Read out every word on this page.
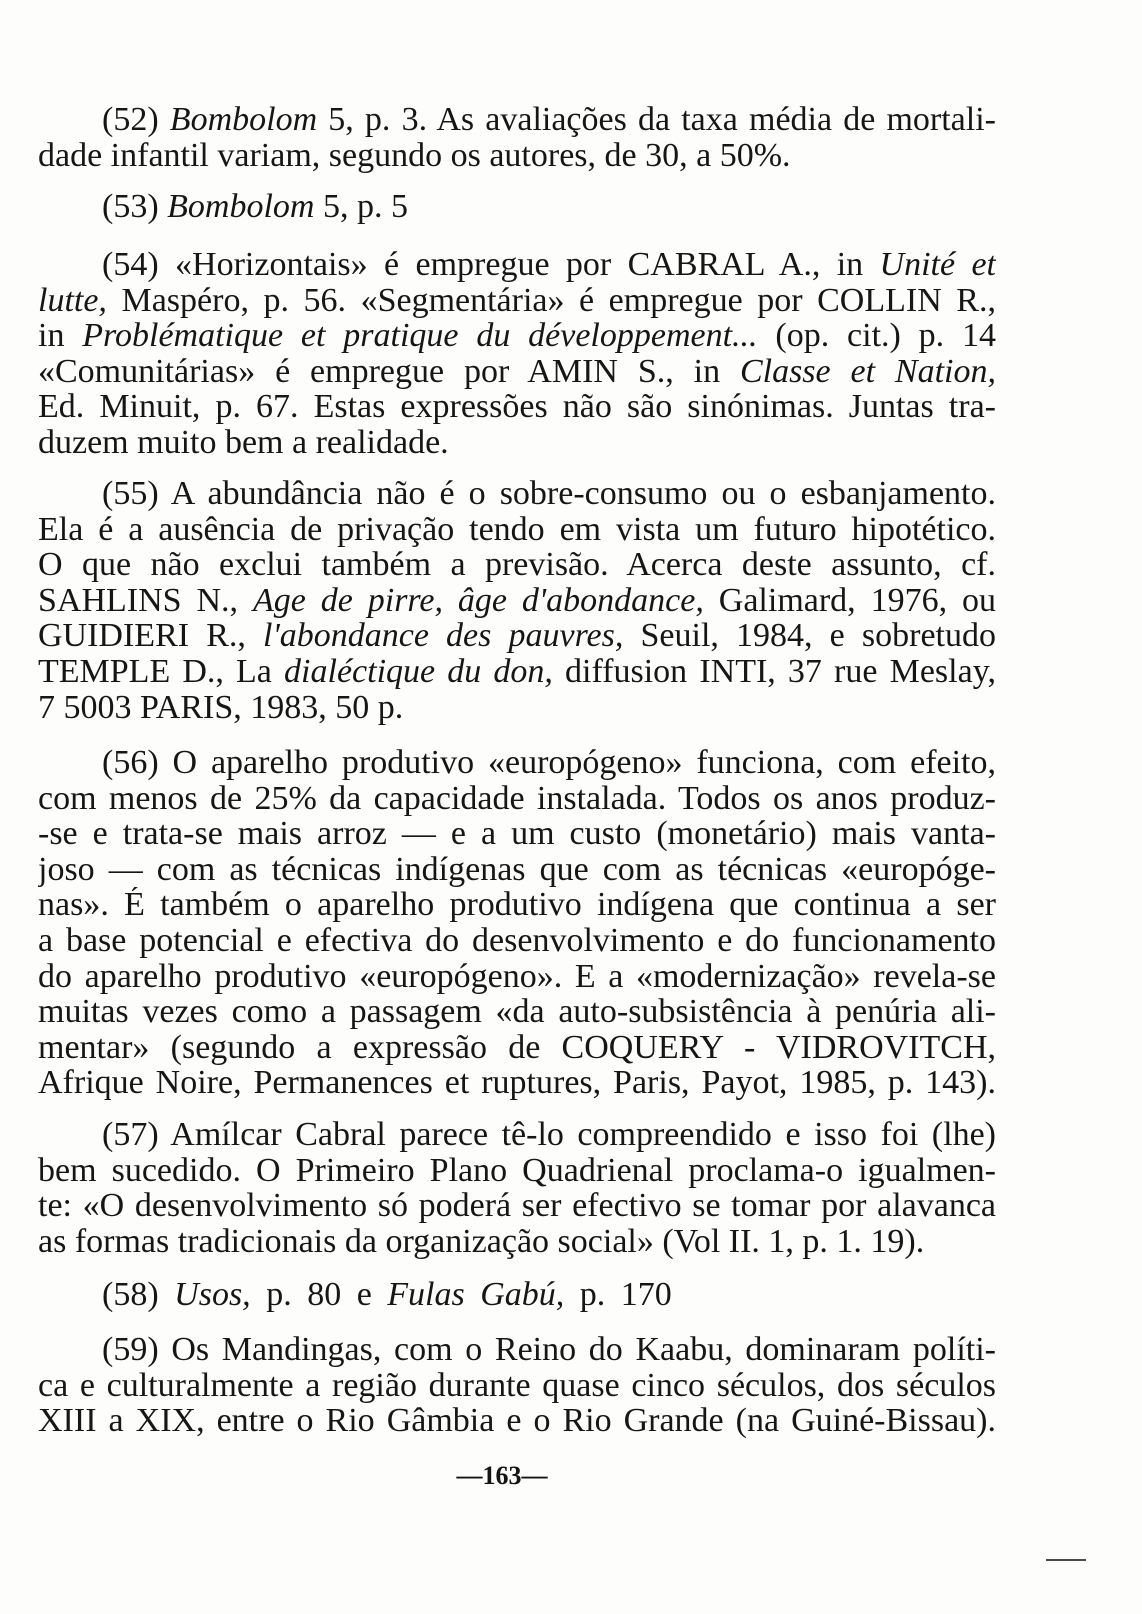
(52) Bombolom 5, p. 3. As avaliações da taxa média de mortali-
dade infantil variam, segundo os autores, de 30, a 50%.
(53) Bombolom 5, p. 5
(54) «Horizontais» é empregue por CABRAL A., in Unité et
lutte, Maspéro, p. 56. «Segmentária» é empregue por COLLIN R.,
in Problématique et pratique du développement... (op. cit.) p. 14
«Comunitárias» é empregue por AMIN S., in Classe et Nation,
Ed. Minuit, p. 67. Estas expressões não são sinónimas. Juntas tra-
duzem muito bem a realidade.
(55) A abundância não é o sobre-consumo ou o esbanjamento.
Ela é a ausência de privação tendo em vista um futuro hipotético.
O que não exclui também a previsão. Acerca deste assunto, cf.
SAHLINS N., Age de pirre, âge d'abondance, Galimard, 1976, ou
GUIDIERI R., l'abondance des pauvres, Seuil, 1984, e sobretudo
TEMPLE D., La dialéctique du don, diffusion INTI, 37 rue Meslay,
7 5003 PARIS, 1983, 50 p.
(56) O aparelho produtivo «europógeno» funciona, com efeito,
com menos de 25% da capacidade instalada. Todos os anos produz-
-se e trata-se mais arroz — e a um custo (monetário) mais vanta-
joso — com as técnicas indígenas que com as técnicas «europóge-
nas». É também o aparelho produtivo indígena que continua a ser
a base potencial e efectiva do desenvolvimento e do funcionamento
do aparelho produtivo «europógeno». E a «modernização» revela-se
muitas vezes como a passagem «da auto-subsistência à penúria ali-
mentar» (segundo a expressão de COQUERY - VIDROVITCH,
Afrique Noire, Permanences et ruptures, Paris, Payot, 1985, p. 143).
(57) Amílcar Cabral parece tê-lo compreendido e isso foi (lhe)
bem sucedido. O Primeiro Plano Quadrienal proclama-o igualmen-
te: «O desenvolvimento só poderá ser efectivo se tomar por alavanca
as formas tradicionais da organização social» (Vol II. 1, p. 1. 19).
(58) Usos, p. 80 e Fulas Gabú, p. 170
(59) Os Mandingas, com o Reino do Kaabu, dominaram políti-
ca e culturalmente a região durante quase cinco séculos, dos séculos
XIII a XIX, entre o Rio Gâmbia e o Rio Grande (na Guiné-Bissau).
—163—
